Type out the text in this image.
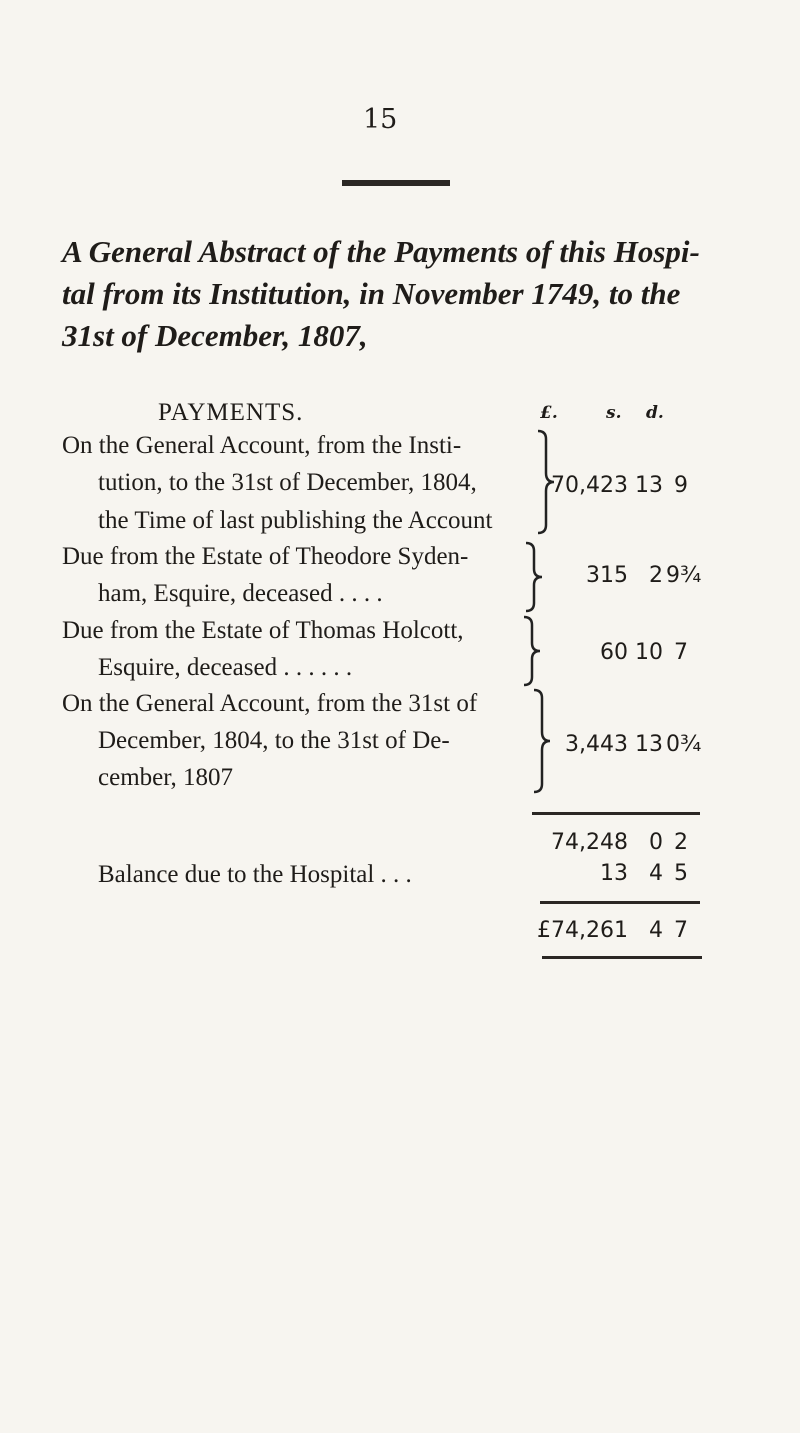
15
A General Abstract of the Payments of this Hospi-
tal from its Institution, in November 1749, to the
31st of December, 1807,
PAYMENTS.	£.	s. d.
On the General Account, from the Insti-
tution, to the 31st of December, 1804,
the Time of last publishing the Account
70,423 13 9
Due from the Estate of Theodore Syden-
ham, Esquire, deceased . . . .
315 2 9¾
Due from the Estate of Thomas Holcott,
Esquire, deceased . . . . . .
60 10 7
On the General Account, from the 31st of
December, 1804, to the 31st of De-
cember, 1807
3,443 13 0¾
74,248 0 2
Balance due to the Hospital . . .	13 4 5
£74,261 4 7
